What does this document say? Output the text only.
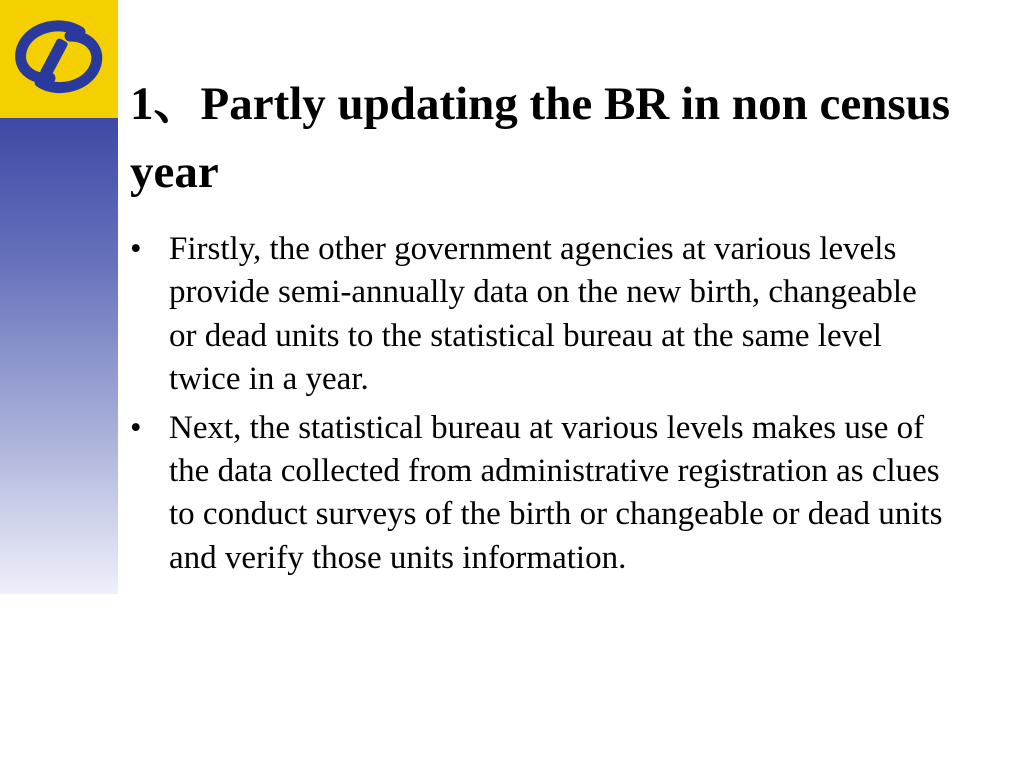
1、Partly updating the BR in non census year
• Firstly, the other government agencies at various levels provide semi-annually data on the new birth, changeable or dead units to the statistical bureau at the same level twice in a year.
• Next, the statistical bureau at various levels makes use of the data collected from administrative registration as clues to conduct surveys of the birth or changeable or dead units and verify those units information.
